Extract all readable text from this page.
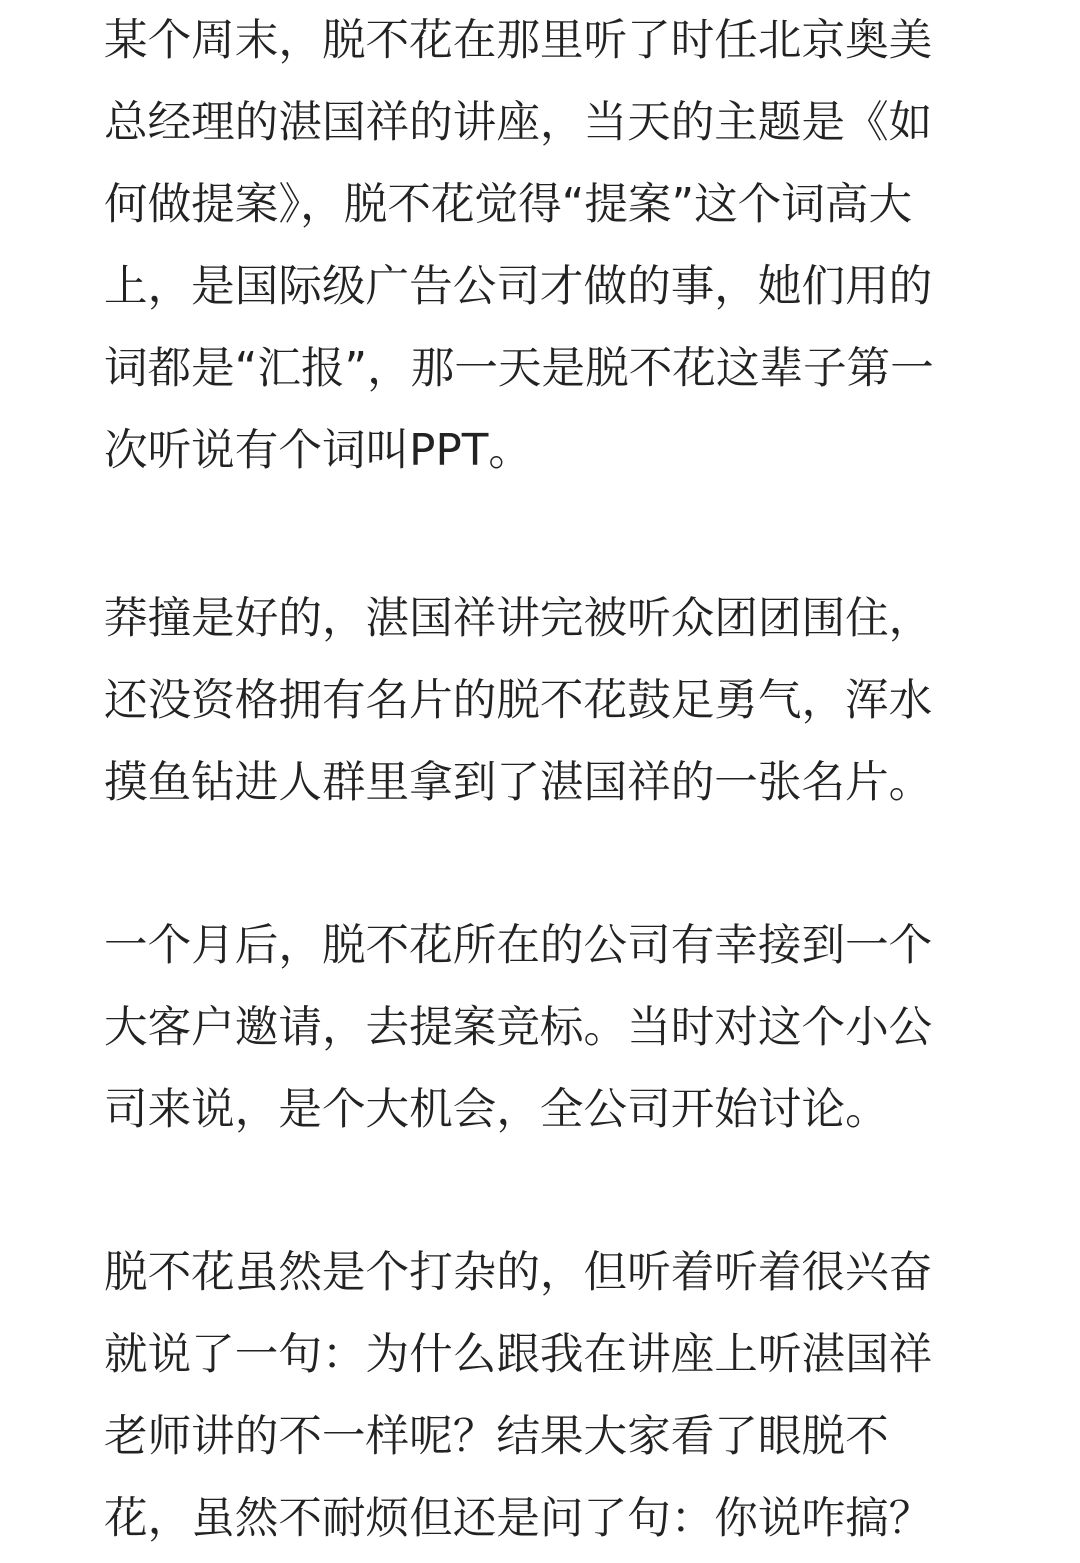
某个周末，脱不花在那里听了时任北京奥美
总经理的湛国祥的讲座，当天的主题是《如
何做提案》，脱不花觉得“提案”这个词高大
上，是国际级广告公司才做的事，她们用的
词都是“汇报”，那一天是脱不花这辈子第一
次听说有个词叫PPT。

莽撞是好的，湛国祥讲完被听众团团围住，
还没资格拥有名片的脱不花鼓足勇气，浑水
摸鱼钻进人群里拿到了湛国祥的一张名片。

一个月后，脱不花所在的公司有幸接到一个
大客户邀请，去提案竞标。当时对这个小公
司来说，是个大机会，全公司开始讨论。

脱不花虽然是个打杂的，但听着听着很兴奋
就说了一句：为什么跟我在讲座上听湛国祥
老师讲的不一样呢？结果大家看了眼脱不
花，虽然不耐烦但还是问了句：你说咋搞？
